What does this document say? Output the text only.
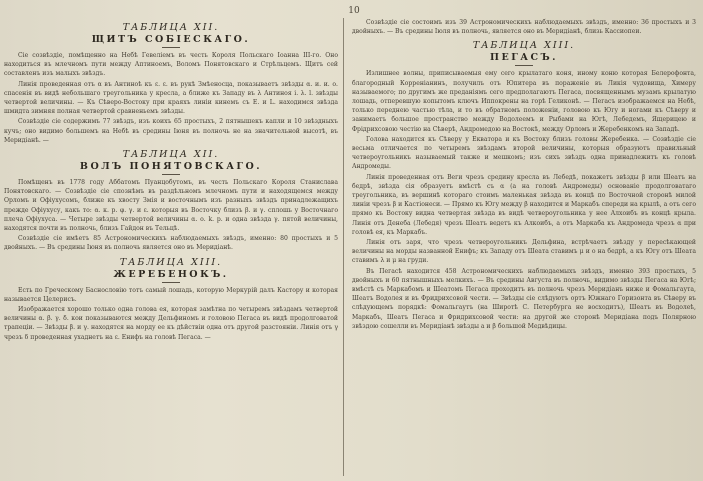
10
ТАБЛИЦА XII.
ЩИТЪ СОБІЕСКАГО.

Сіе созвѣздіе, помѣщенно на Небѣ Гевеліемъ въ честь Короля Польскаго Іоанна III-го. Оно находиться въ млечномъ пути между Аптиноемъ, Воломъ Понятовскаго и Стрѣльцемъ. Щитъ сей составленъ изъ малыхъ звѣздъ.

Линія проведенная отъ α въ Антиноѣ къ ε. ε. въ рукѣ Змѣеносца, показываетъ звѣзды α. и. и. о. спасенія въ видѣ небольшаго треугольника у кресла, а ближе къ Западу въ λ Антиноя і. λ. l. звѣзды четвертой величины. — Къ Сѣверо-Востоку при краяхъ линіи кинемъ съ Е. и L. находимся звѣзда шмидта зимняя полная четвертой сравненьемъ звѣзды.

Созвѣздіе сіе содержимъ 77 звѣздъ, изъ коихъ 65 простыхъ, 2 пятнышекъ капли и 10 звѣздныхъ кучъ; оно видимо большемъ на Небѣ въ средины Іюня въ полночь не на значительной высотѣ, въ Меридіанѣ. —

ТАБЛИЦА XII.
ВОЛЪ ПОНЯТОВСКАГО.

Помѣщенъ въ 1778 году Аббатомъ Пуанцобутомъ, въ честь Польскаго Короля Станислава Понятовскаго. — Созвѣздіе сіе спознѣмъ въ раздѣльномъ млечномъ пути и находящемся между Орломъ и Офіухусомъ, ближе къ хвосту Змія и восточнымъ изъ разныхъ звѣздъ принадлежащихъ прежде Офіухусу, какъ то: α. к. р. φ. γ. и ε. которыя въ Восточку близъ β. и γ. сплошь у Восточнаго плеча Офіухуса. — Четыре звѣзды четвертой величины α. о. k. р. и одна звѣзда γ. пятой величины, находятся почти въ полночь, близъ Гайдон въ Тельцѣ.

Созвѣздіе сіе имѣетъ 85 Астрономическихъ наблюдаемыхъ звѣздъ, именно: 80 простыхъ и 5 двойныхъ. — Въ средины Іюня въ полночь является оно въ Меридіанѣ.

ТАБЛИЦА XIII.
ЖЕРЕБЕНОКЪ.

Есть по Греческому Баснословію тотъ самый лошадь, которую Меркурій далъ Кастору и которая называется Целерисъ.

Изображается хорошо только одна голова ея, которая замѣтна по четыремъ звѣздамъ четвертой величины α. β. γ. δ. кои показываются между Дельфиномъ и головою Пегаса въ видѣ продолговатой трапеціи. — Звѣзды β. и γ. находятся на морду ее къ дѣйствіи одна отъ другой разстояніи. Линія отъ γ чрезъ δ проведенная ухаднетъ на ε. Енифъ на головѣ Пегаса. —

Созвѣздіе сіе состоимъ изъ 39 Астрономическихъ наблюдаемыхъ звѣздъ, именно: 36 простыхъ и 3 двойныхъ. — Въ средины Іюля въ полночь, является оно въ Меридіанѣ, близь Кассиопеи.

ТАБЛИЦА XIII.
ПЕГАСЪ.

Излишнее волны, приписываемыя ему сего крылатаго коня, иному коню которая Белерофонта, благородный Корреніанинъ, получилъ отъ Юпитера въ пораженіе въ Ликія чудовища, Химеру называемого; по другимъ же преданіямъ сего предполагаютъ Пегаса, посвященнымъ музамъ крылатую лошадь, отперевшую копытомъ ключъ Иппокрены на горѣ Геликонѣ. — Пегасъ изображаемся на Небѣ, только переднею частью тѣла, и то въ обратномъ положеніи, головою къ Югу и ногами къ Сѣверу и занимаетъ большое пространство между Водолеемъ и Рыбами на Югѣ, Лебедемъ, Ящерицею и Фрідрихсовою честію на Сѣверѣ, Андромедою на Востокѣ, между Орломъ и Жеребенкомъ на Западѣ.

Голова находится къ Сѣверу у Екваторa и къ Востоку близъ головы Жеребенка. — Созвѣздіе сіе весьма отличается по четыремъ звѣздамъ второй величины, которыя образуютъ правильный четвероугольникъ называемый также и мешкомъ; изъ сихъ звѣздъ одна принадлежитъ къ головѣ Андромеды.

Линія проведенная отъ Веги чрезъ средину кресла въ Лебедѣ, покажетъ звѣзды β или Шеатъ на бедрѣ, звѣзда сія образуетъ вмѣстѣ съ α (а на головѣ Андромеды) основаніе продолговатаго треугольника, въ вершинѣ котораго стоимъ маленькая звѣзда въ концѣ по Восточной сторонѣ милой линіи чрезъ β и Кастіонеси. — Прямо къ Югу между β находится и Маркабъ спереди на крылѣ, а отъ сего прямо къ Востоку видна четвертая звѣзда въ видѣ четвероугольника у нее Алхоибъ въ концѣ крыла. Линія отъ Денеба (Лебедя) чрезъ Шеатъ ведетъ къ Алкоибъ, а отъ Маркаба къ Андромеда чрезъ α при головѣ ея, къ Маркабъ.

Линія отъ заря, что чрезъ четвероугольникъ Дельфина, встрѣчаетъ звѣзду у пересѣкающей величины на морды названной Енифъ; къ Западу отъ Шеата ставимъ μ и ο на бедрѣ, а къ Югу отъ Шеата ставимъ λ и μ на груди.

Въ Пегасѣ находится 458 Астрономическихъ наблюдаемыхъ звѣздъ, именно 393 простыхъ, 5 двойныхъ и 60 пятнышныхъ мелкихъ. — Въ средины Августа въ полночь, видимо звѣзды Пегаса на Югѣ; вмѣстѣ съ Маркабомъ и Шеатомъ Пегаса проходитъ въ полночь чрезъ Меридіанъ ниже и Фомальгаута, Шеатъ Водолея и въ Фридрихсовой чести. — Звѣзды сіе слѣдуютъ ортъ Южнаго Горизонта въ Сѣверу въ слѣдующемъ порядкѣ: Фомальгаутъ (на Широтѣ С. Петербурга не восходитъ), Шеатъ въ Водолеѣ, Маркабъ, Шеатъ Пегаса и Фридрихсовой чести: на другой же сторонѣ Меридіана подъ Полярною звѣздою сошелли въ Меридіанѣ звѣзды а и β большой Медвѣдицы.
